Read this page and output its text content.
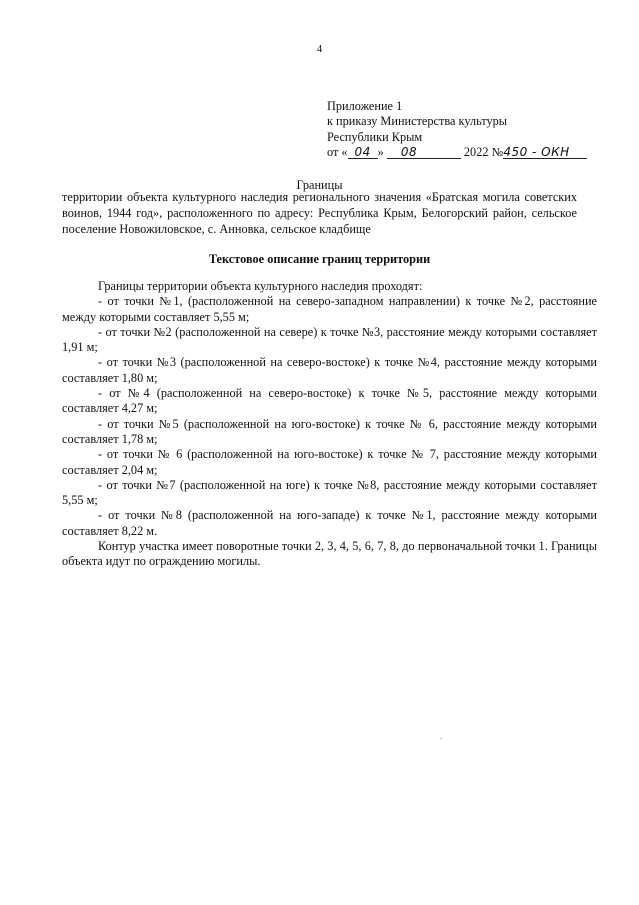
4
Приложение 1
к приказу Министерства культуры
Республики Крым
от « 04 » 08	2022 №450 - ОКН
Границы
территории объекта культурного наследия регионального значения «Братская могила советских воинов, 1944 год», расположенного по адресу: Республика Крым, Белогорский район, сельское поселение Новожиловское, с. Анновка, сельское кладбище
Текстовое описание границ территории

Границы территории объекта культурного наследия проходят:

- от точки №1, (расположенной на северо-западном направлении) к точке №2, расстояние между которыми составляет 5,55 м;

- от точки №2 (расположенной на севере) к точке №3, расстояние между которыми составляет 1,91 м;

- от точки №3 (расположенной на северо-востоке) к точке №4, расстояние между которыми составляет 1,80 м;

- от №4 (расположенной на северо-востоке) к точке №5, расстояние между которыми составляет 4,27 м;

- от точки №5 (расположенной на юго-востоке) к точке № 6, расстояние между которыми составляет 1,78 м;

- от точки № 6 (расположенной на юго-востоке) к точке № 7, расстояние между которыми составляет 2,04 м;

- от точки №7 (расположенной на юге) к точке №8, расстояние между которыми составляет 5,55 м;

- от точки №8 (расположенной на юго-западе) к точке №1, расстояние между которыми составляет 8,22 м.

Контур участка имеет поворотные точки 2, 3, 4, 5, 6, 7, 8, до первоначальной точки 1. Границы объекта идут по ограждению могилы.
